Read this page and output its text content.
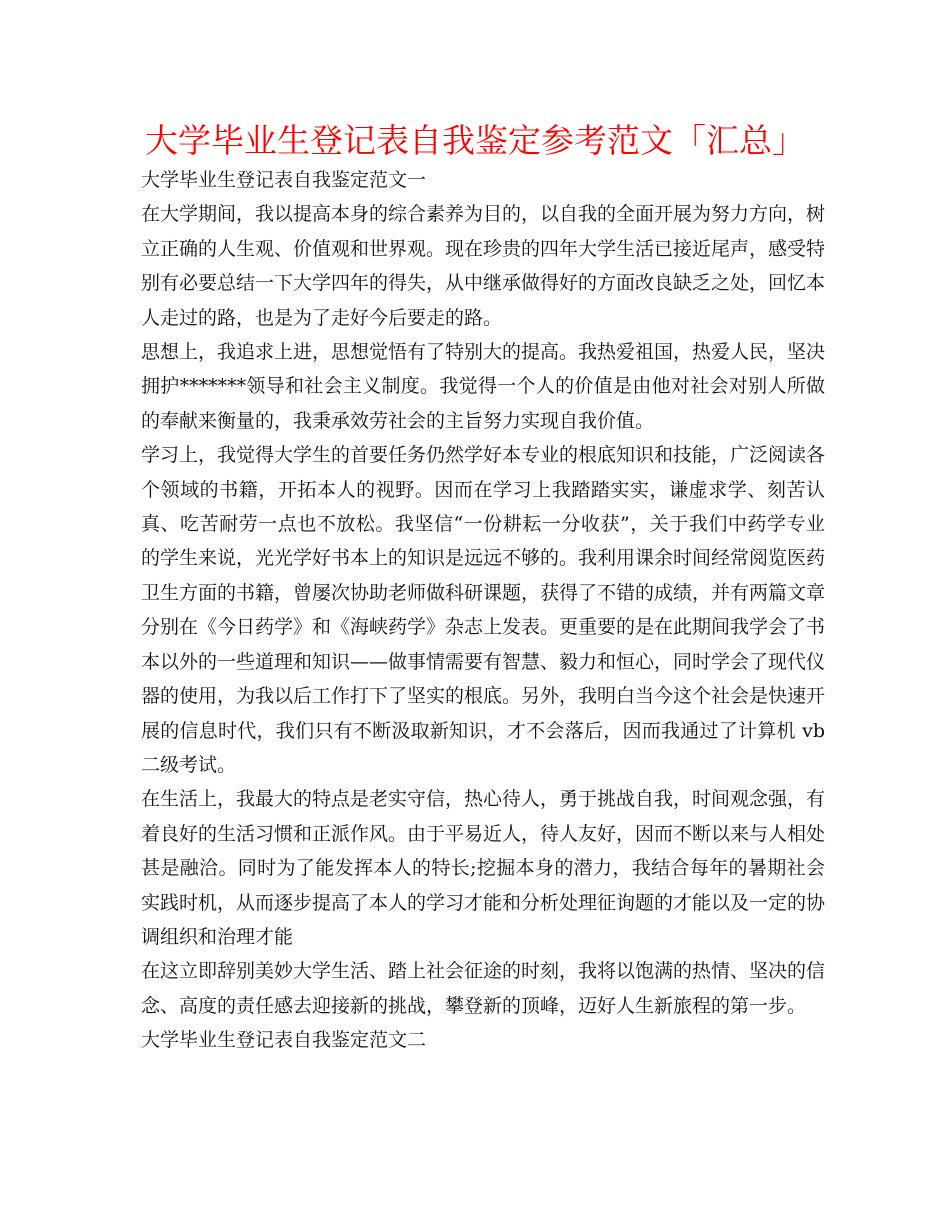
大学毕业生登记表自我鉴定参考范文「汇总」

大学毕业生登记表自我鉴定范文一

在大学期间，我以提高本身的综合素养为目的，以自我的全面开展为努力方向，树立正确的人生观、价值观和世界观。现在珍贵的四年大学生活已接近尾声，感受特别有必要总结一下大学四年的得失，从中继承做得好的方面改良缺乏之处，回忆本人走过的路，也是为了走好今后要走的路。

思想上，我追求上进，思想觉悟有了特别大的提高。我热爱祖国，热爱人民，坚决拥护*******领导和社会主义制度。我觉得一个人的价值是由他对社会对别人所做的奉献来衡量的，我秉承效劳社会的主旨努力实现自我价值。

学习上，我觉得大学生的首要任务仍然学好本专业的根底知识和技能，广泛阅读各个领域的书籍，开拓本人的视野。因而在学习上我踏踏实实，谦虚求学、刻苦认真、吃苦耐劳一点也不放松。我坚信“一份耕耘一分收获”，关于我们中药学专业的学生来说，光光学好书本上的知识是远远不够的。我利用课余时间经常阅览医药卫生方面的书籍，曾屡次协助老师做科研课题，获得了不错的成绩，并有两篇文章分别在《今日药学》和《海峡药学》杂志上发表。更重要的是在此期间我学会了书本以外的一些道理和知识——做事情需要有智慧、毅力和恒心，同时学会了现代仪器的使用，为我以后工作打下了坚实的根底。另外，我明白当今这个社会是快速开展的信息时代，我们只有不断汲取新知识，才不会落后，因而我通过了计算机 vb 二级考试。

在生活上，我最大的特点是老实守信，热心待人，勇于挑战自我，时间观念强，有着良好的生活习惯和正派作风。由于平易近人，待人友好，因而不断以来与人相处甚是融洽。同时为了能发挥本人的特长;挖掘本身的潜力，我结合每年的暑期社会实践时机，从而逐步提高了本人的学习才能和分析处理征询题的才能以及一定的协调组织和治理才能

在这立即辞别美妙大学生活、踏上社会征途的时刻，我将以饱满的热情、坚决的信念、高度的责任感去迎接新的挑战，攀登新的顶峰，迈好人生新旅程的第一步。

大学毕业生登记表自我鉴定范文二
